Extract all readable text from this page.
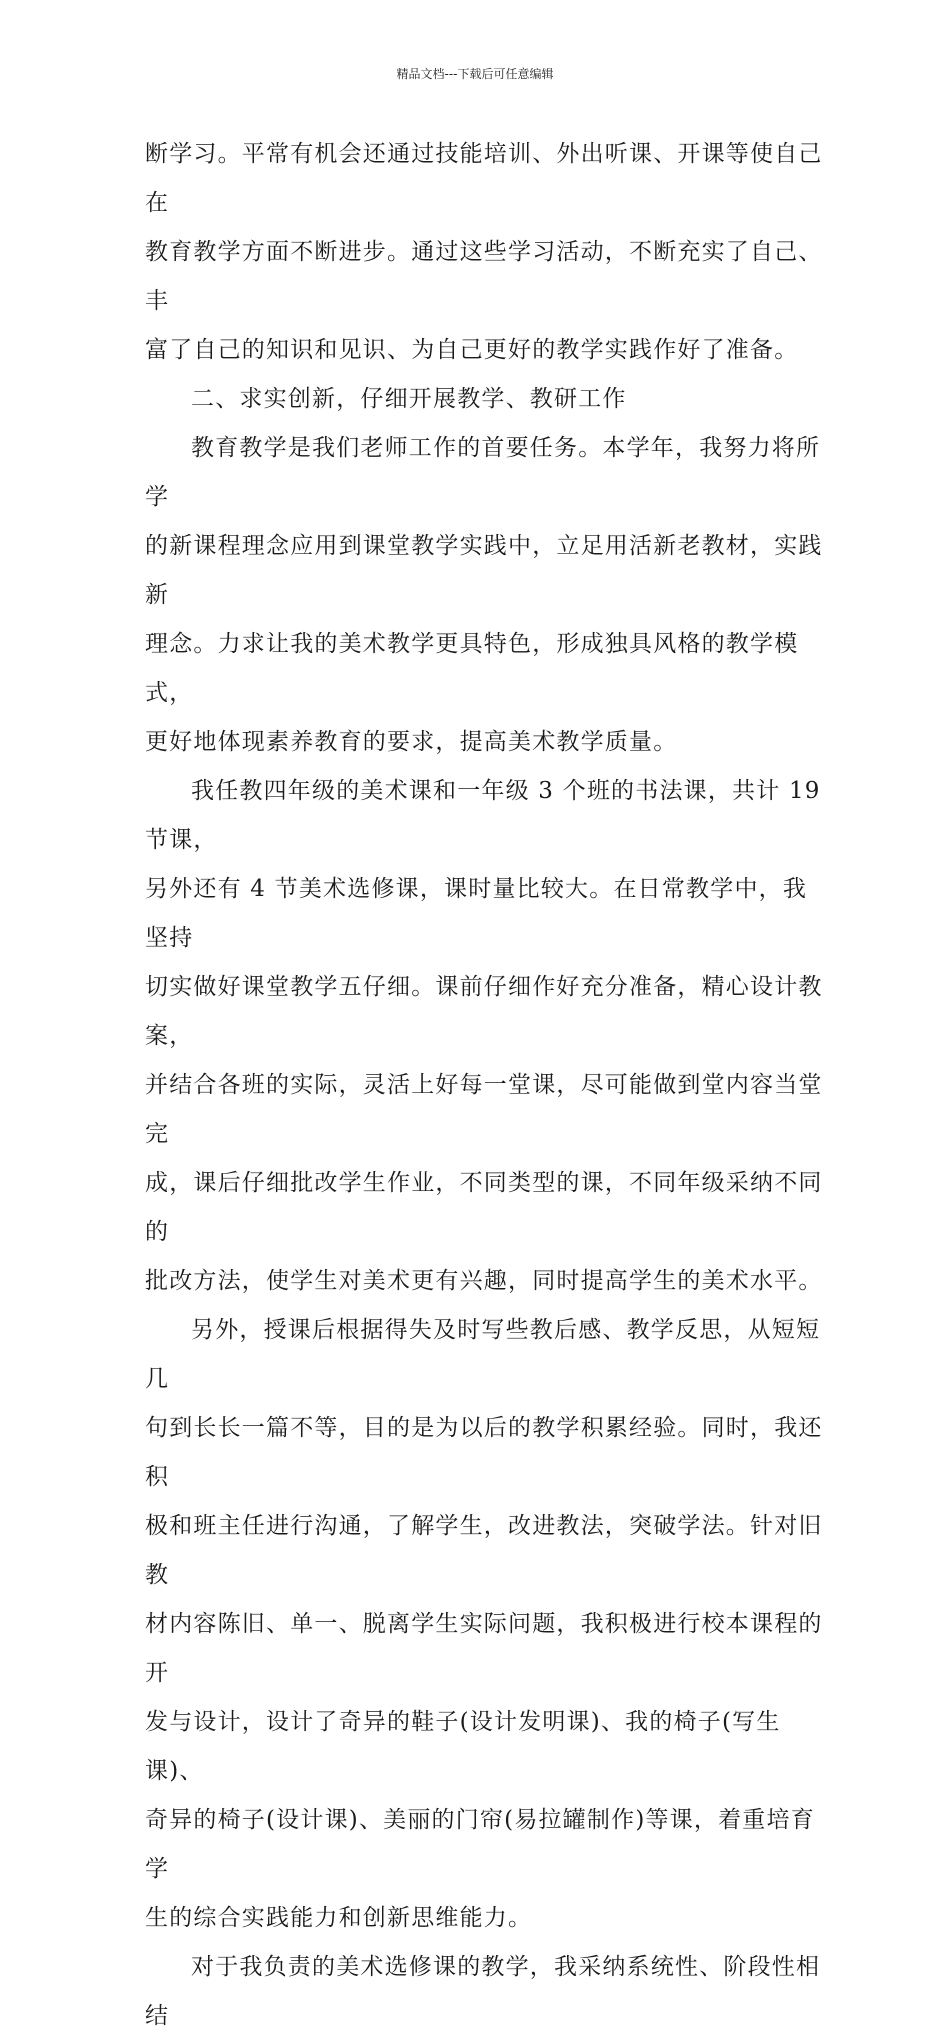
精品文档---下载后可任意编辑

断学习。平常有机会还通过技能培训、外出听课、开课等使自己在
教育教学方面不断进步。通过这些学习活动，不断充实了自己、丰
富了自己的知识和见识、为自己更好的教学实践作好了准备。

二、求实创新，仔细开展教学、教研工作

教育教学是我们老师工作的首要任务。本学年，我努力将所学
的新课程理念应用到课堂教学实践中，立足用活新老教材，实践新
理念。力求让我的美术教学更具特色，形成独具风格的教学模式，
更好地体现素养教育的要求，提高美术教学质量。

我任教四年级的美术课和一年级 3 个班的书法课，共计 19 节课，
另外还有 4 节美术选修课，课时量比较大。在日常教学中，我坚持
切实做好课堂教学五仔细。课前仔细作好充分准备，精心设计教案，
并结合各班的实际，灵活上好每一堂课，尽可能做到堂内容当堂完
成，课后仔细批改学生作业，不同类型的课，不同年级采纳不同的
批改方法，使学生对美术更有兴趣，同时提高学生的美术水平。

另外，授课后根据得失及时写些教后感、教学反思，从短短几
句到长长一篇不等，目的是为以后的教学积累经验。同时，我还积
极和班主任进行沟通，了解学生，改进教法，突破学法。针对旧教
材内容陈旧、单一、脱离学生实际问题，我积极进行校本课程的开
发与设计，设计了奇异的鞋子(设计发明课)、我的椅子(写生课)、
奇异的椅子(设计课)、美丽的门帘(易拉罐制作)等课，着重培育学
生的综合实践能力和创新思维能力。

对于我负责的美术选修课的教学，我采纳系统性、阶段性相结
